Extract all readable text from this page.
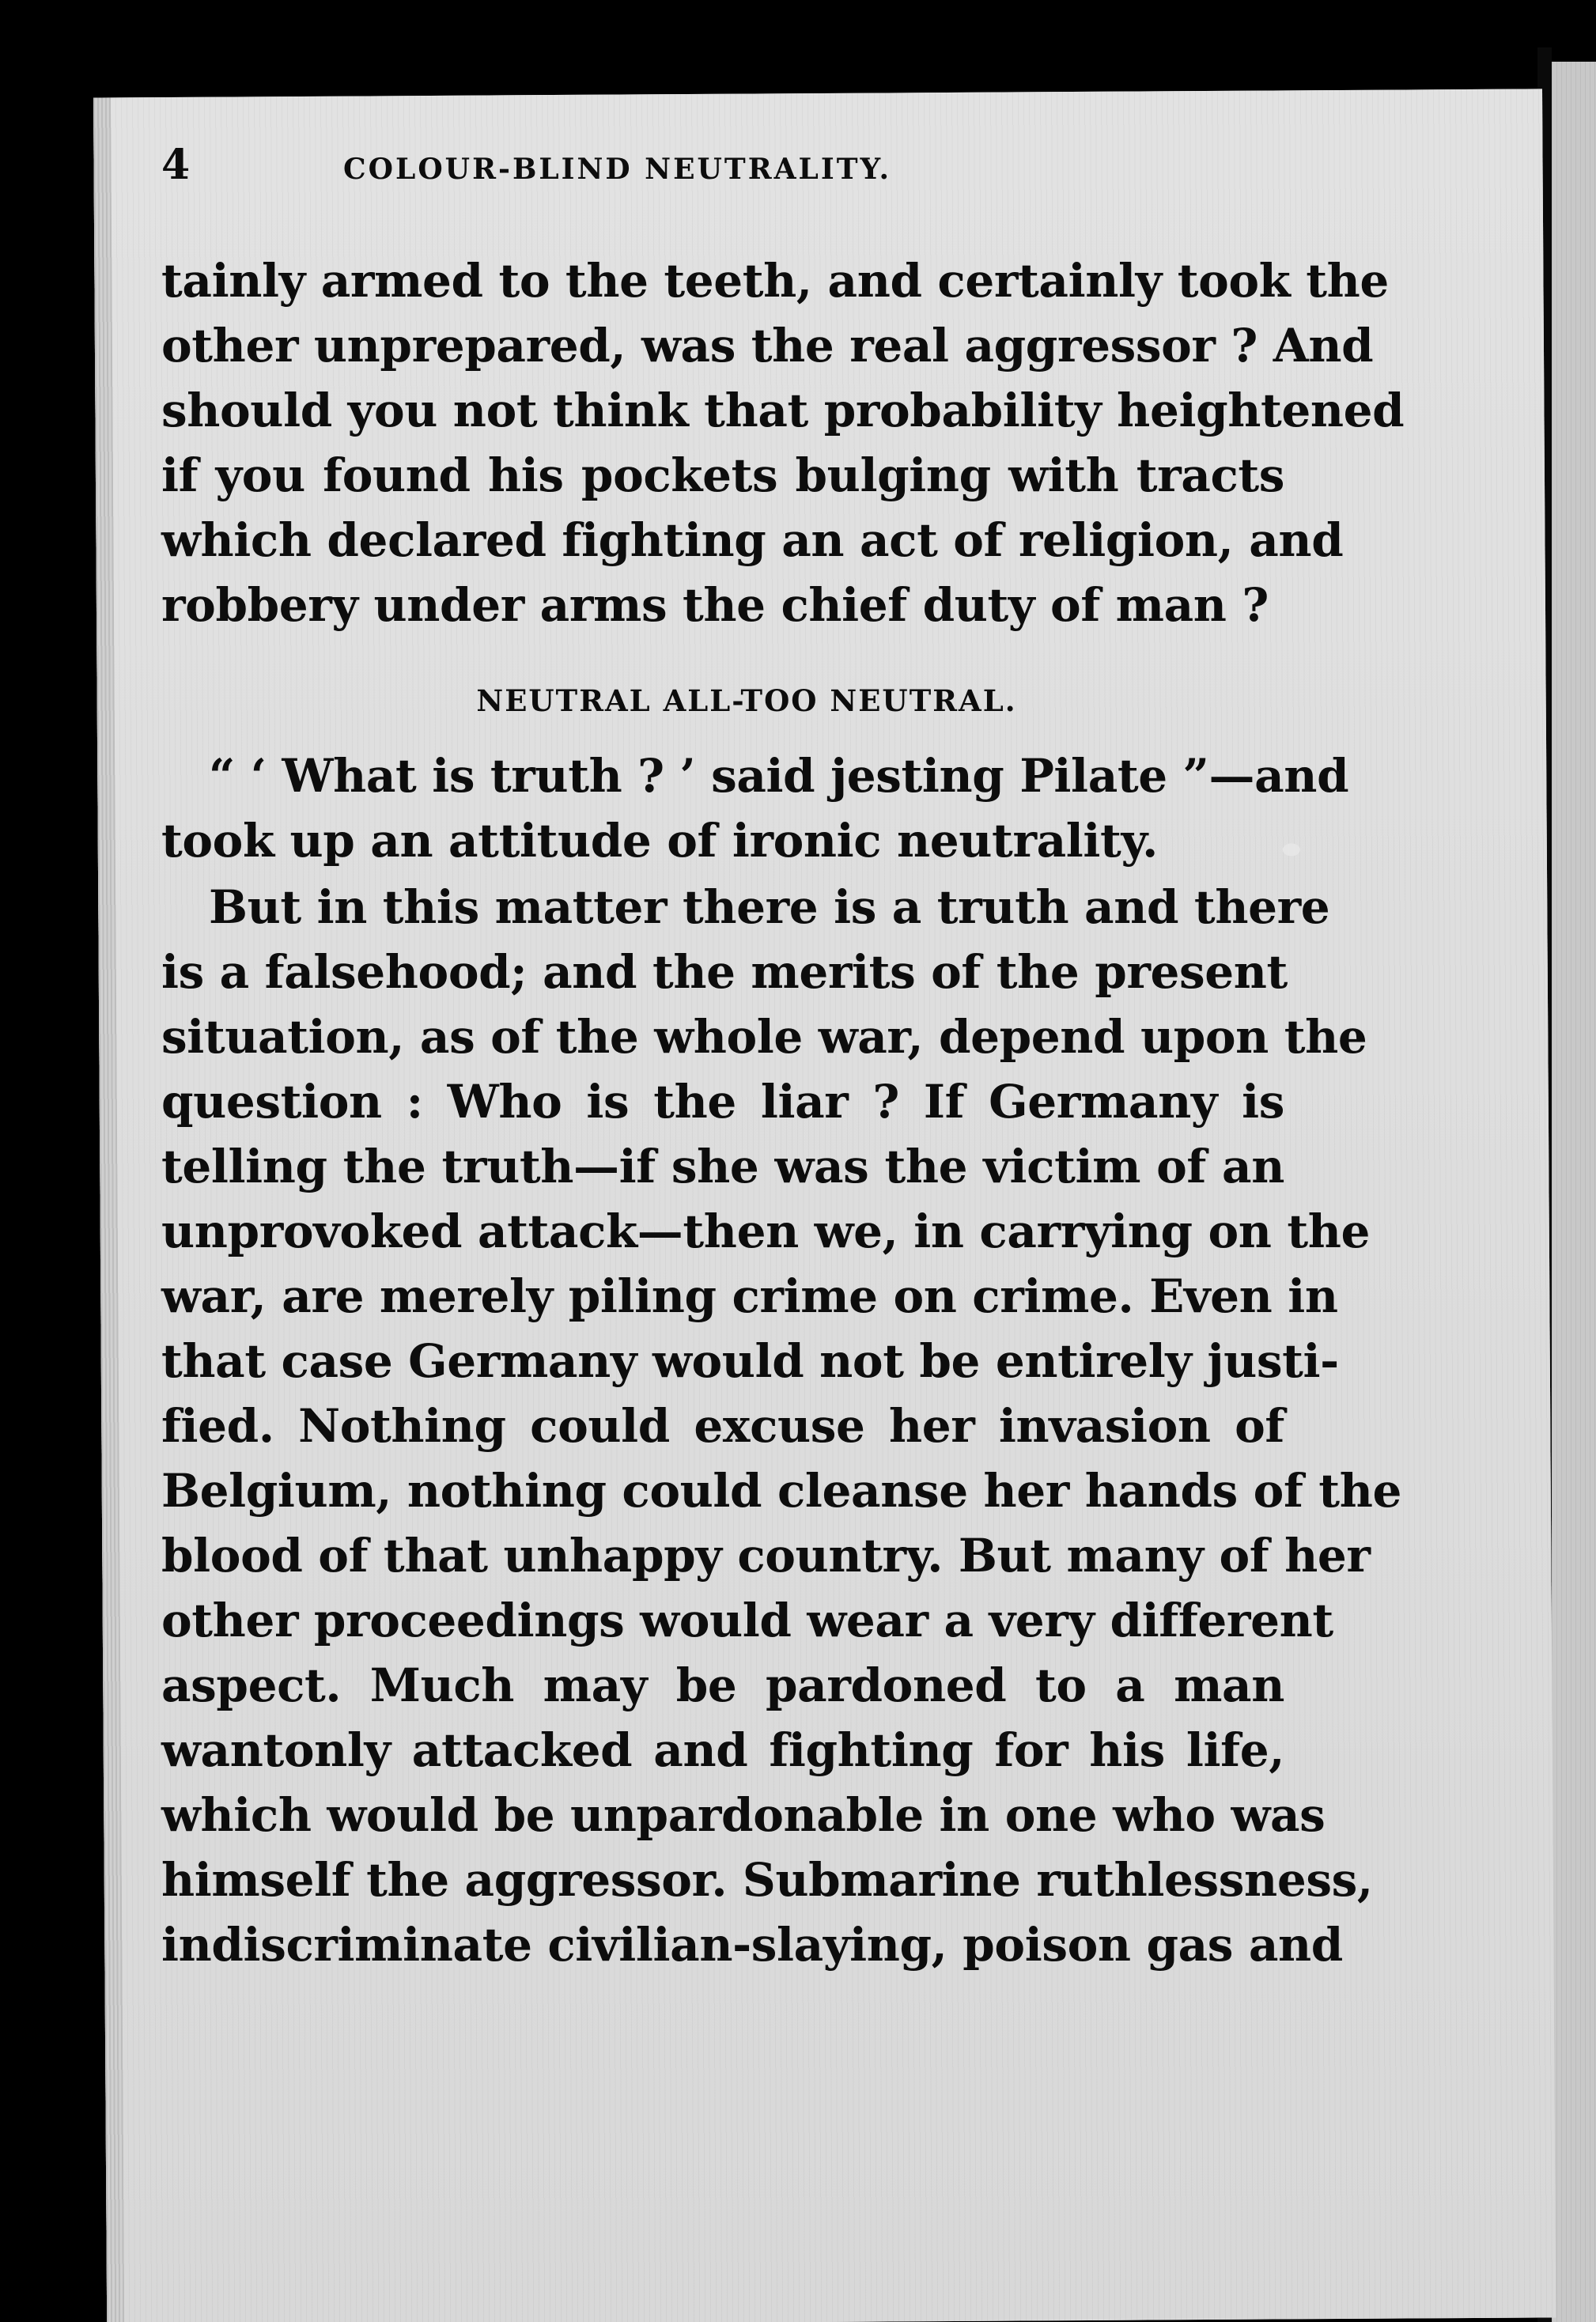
4	COLOUR-BLIND NEUTRALITY.
tainly armed to the teeth, and certainly took the
other unprepared, was the real aggressor ? And
should you not think that probability heightened
if you found his pockets bulging with tracts
which declared fighting an act of religion, and
robbery under arms the chief duty of man ?
NEUTRAL ALL-TOO NEUTRAL.
“ ‘ What is truth ? ’ said jesting Pilate ”—and
took up an attitude of ironic neutrality.
But in this matter there is a truth and there
is a falsehood; and the merits of the present
situation, as of the whole war, depend upon the
question : Who is the liar ? If Germany is
telling the truth—if she was the victim of an
unprovoked attack—then we, in carrying on the
war, are merely piling crime on crime. Even in
that case Germany would not be entirely justi-
fied. Nothing could excuse her invasion of
Belgium, nothing could cleanse her hands of the
blood of that unhappy country. But many of her
other proceedings would wear a very different
aspect. Much may be pardoned to a man
wantonly attacked and fighting for his life,
which would be unpardonable in one who was
himself the aggressor. Submarine ruthlessness,
indiscriminate civilian-slaying, poison gas and
